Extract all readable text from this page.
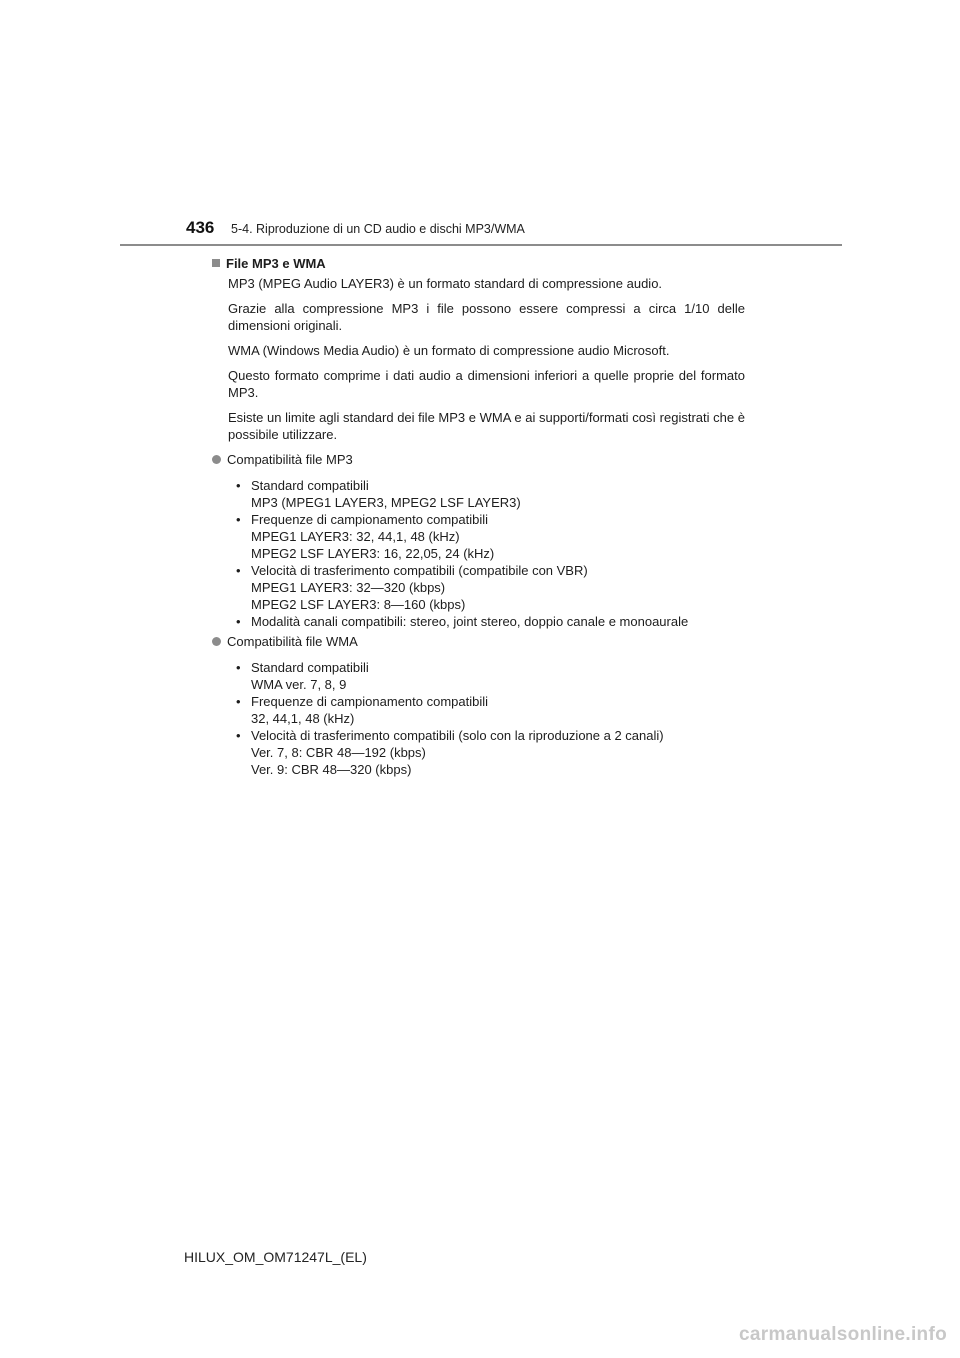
436 5-4. Riproduzione di un CD audio e dischi MP3/WMA
File MP3 e WMA

MP3 (MPEG Audio LAYER3) è un formato standard di compressione audio.

Grazie alla compressione MP3 i file possono essere compressi a circa 1/10 delle dimensioni originali.

WMA (Windows Media Audio) è un formato di compressione audio Microsoft.

Questo formato comprime i dati audio a dimensioni inferiori a quelle proprie del formato MP3.

Esiste un limite agli standard dei file MP3 e WMA e ai supporti/formati così registrati che è possibile utilizzare.

Compatibilità file MP3
• Standard compatibili
MP3 (MPEG1 LAYER3, MPEG2 LSF LAYER3)
• Frequenze di campionamento compatibili
MPEG1 LAYER3: 32, 44,1, 48 (kHz)
MPEG2 LSF LAYER3: 16, 22,05, 24 (kHz)
• Velocità di trasferimento compatibili (compatibile con VBR)
MPEG1 LAYER3: 32—320 (kbps)
MPEG2 LSF LAYER3: 8—160 (kbps)
• Modalità canali compatibili: stereo, joint stereo, doppio canale e monoaurale
Compatibilità file WMA
• Standard compatibili
WMA ver. 7, 8, 9
• Frequenze di campionamento compatibili
32, 44,1, 48 (kHz)
• Velocità di trasferimento compatibili (solo con la riproduzione a 2 canali)
Ver. 7, 8: CBR 48—192 (kbps)
Ver. 9: CBR 48—320 (kbps)
HILUX_OM_OM71247L_(EL)
carmanualsonline.info
